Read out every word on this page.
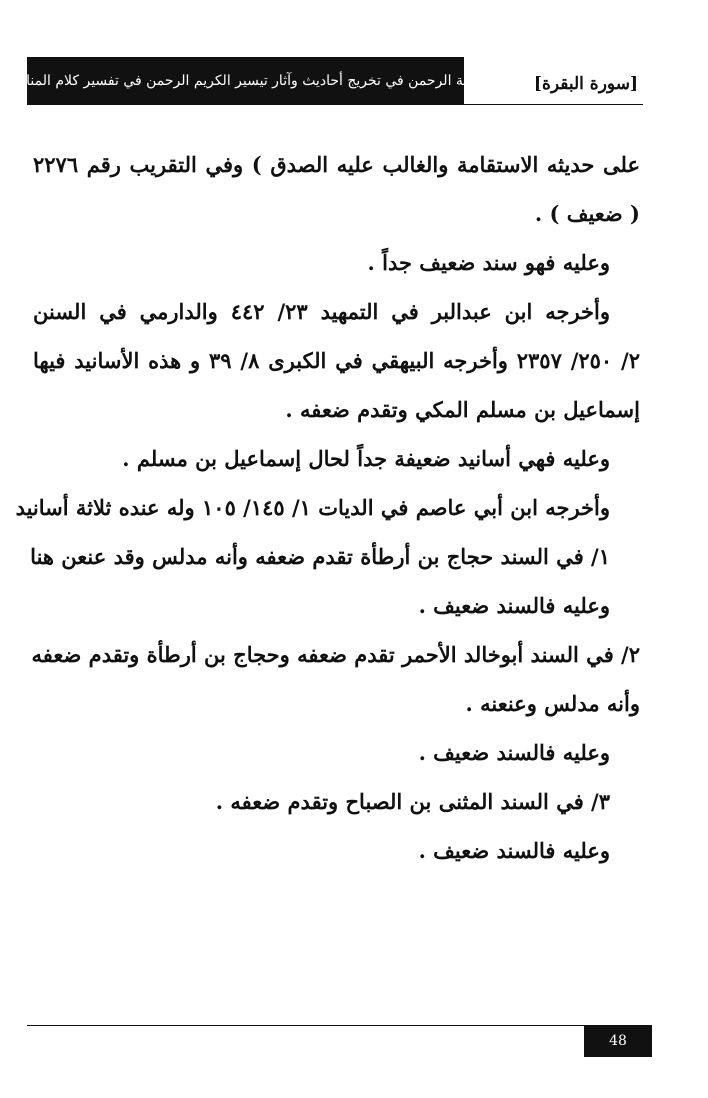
منة الرحمن في تخريج أحاديث وآثار تيسير الكريم الرحمن في تفسير كلام المنان	[سورة البقرة]
على حديثه الاستقامة والغالب عليه الصدق ) وفي التقريب رقم ٢٢٧٦
( ضعيف ) .
وعليه فهو سند ضعيف جداً .
وأخرجه ابن عبدالبر في التمهيد ٢٣/ ٤٤٢ والدارمي في السنن
٢/ ٢٥٠/ ٢٣٥٧ وأخرجه البيهقي في الكبرى ٨/ ٣٩ و هذه الأسانيد فيها
إسماعيل بن مسلم المكي وتقدم ضعفه .
وعليه فهي أسانيد ضعيفة جداً لحال إسماعيل بن مسلم .
وأخرجه ابن أبي عاصم في الديات ١/ ١٤٥/ ١٠٥ وله عنده ثلاثة أسانيد
١/ في السند حجاج بن أرطأة تقدم ضعفه وأنه مدلس وقد عنعن هنا
وعليه فالسند ضعيف .
٢/ في السند أبوخالد الأحمر تقدم ضعفه وحجاج بن أرطأة وتقدم ضعفه
وأنه مدلس وعنعنه .
وعليه فالسند ضعيف .
٣/ في السند المثنى بن الصباح وتقدم ضعفه .
وعليه فالسند ضعيف .
48
